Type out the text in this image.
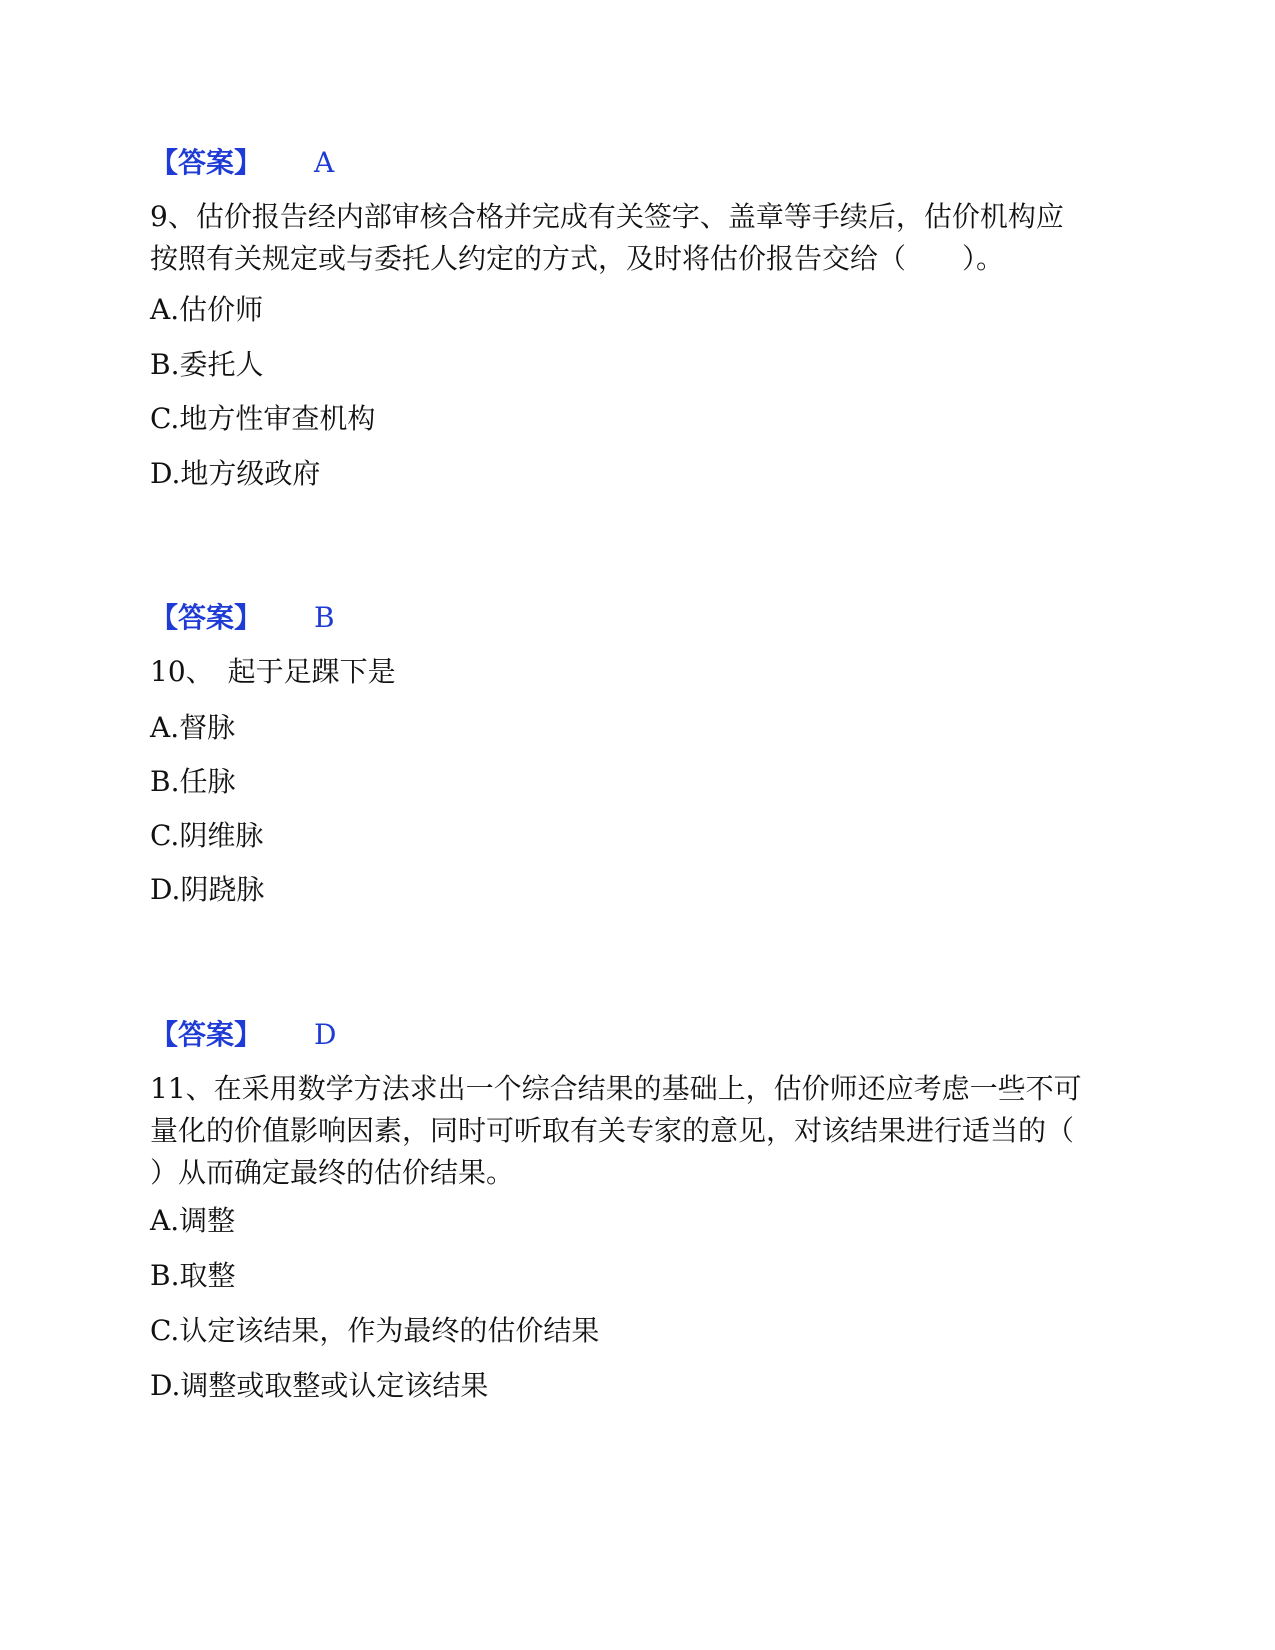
【答案】 A
9、估价报告经内部审核合格并完成有关签字、盖章等手续后，估价机构应
按照有关规定或与委托人约定的方式，及时将估价报告交给（　　）。
A.估价师
B.委托人
C.地方性审查机构
D.地方级政府
【答案】 B
10、　起于足踝下是
A.督脉
B.任脉
C.阴维脉
D.阴跷脉
【答案】 D
11、在采用数学方法求出一个综合结果的基础上，估价师还应考虑一些不可
量化的价值影响因素，同时可听取有关专家的意见，对该结果进行适当的（
）从而确定最终的估价结果。
A.调整
B.取整
C.认定该结果，作为最终的估价结果
D.调整或取整或认定该结果
